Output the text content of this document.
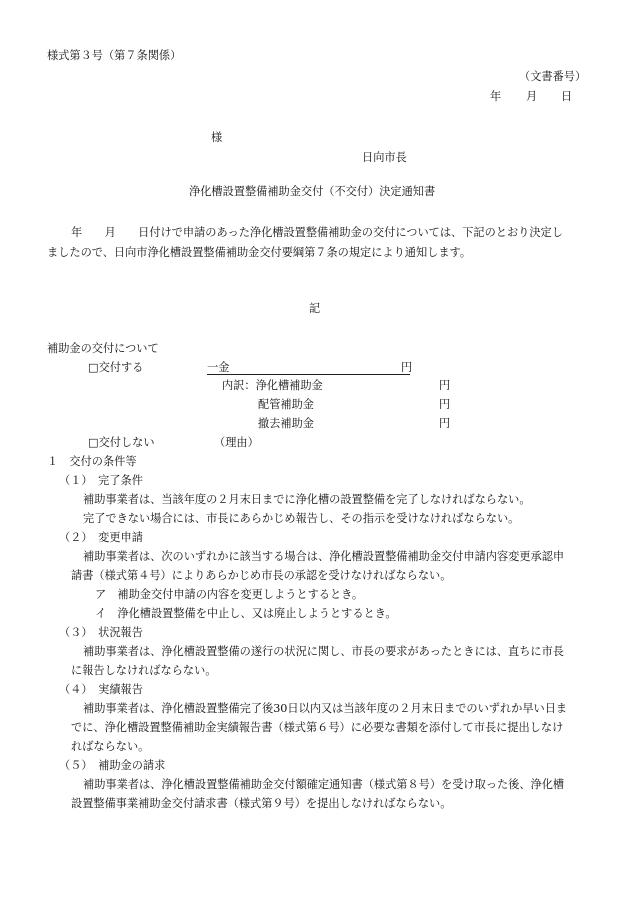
様式第３号（第７条関係）
（文書番号）
年 月 日
様
日向市長
浄化槽設置整備補助金交付（不交付）決定通知書
年　　月　　日付けで申請のあった浄化槽設置整備補助金の交付については、下記のとおり決定し
ましたので、日向市浄化槽設置整備補助金交付要綱第７条の規定により通知します。
記
補助金の交付について
□交付する	一金	円
内訳：浄化槽補助金	円
配管補助金	円
撤去補助金	円
□交付しない	（理由）
１　交付の条件等
（１）　完了条件
補助事業者は、当該年度の２月末日までに浄化槽の設置整備を完了しなければならない。
完了できない場合には、市長にあらかじめ報告し、その指示を受けなければならない。
（２）　変更申請
補助事業者は、次のいずれかに該当する場合は、浄化槽設置整備補助金交付申請内容変更承認申
請書（様式第４号）によりあらかじめ市長の承認を受けなければならない。
ア　補助金交付申請の内容を変更しようとするとき。
イ　浄化槽設置整備を中止し、又は廃止しようとするとき。
（３）　状況報告
補助事業者は、浄化槽設置整備の遂行の状況に関し、市長の要求があったときには、直ちに市長
に報告しなければならない。
（４）　実績報告
補助事業者は、浄化槽設置整備完了後30日以内又は当該年度の２月末日までのいずれか早い日ま
でに、浄化槽設置整備補助金実績報告書（様式第６号）に必要な書類を添付して市長に提出しなけ
ればならない。
（５）　補助金の請求
補助事業者は、浄化槽設置整備補助金交付額確定通知書（様式第８号）を受け取った後、浄化槽
設置整備事業補助金交付請求書（様式第９号）を提出しなければならない。
